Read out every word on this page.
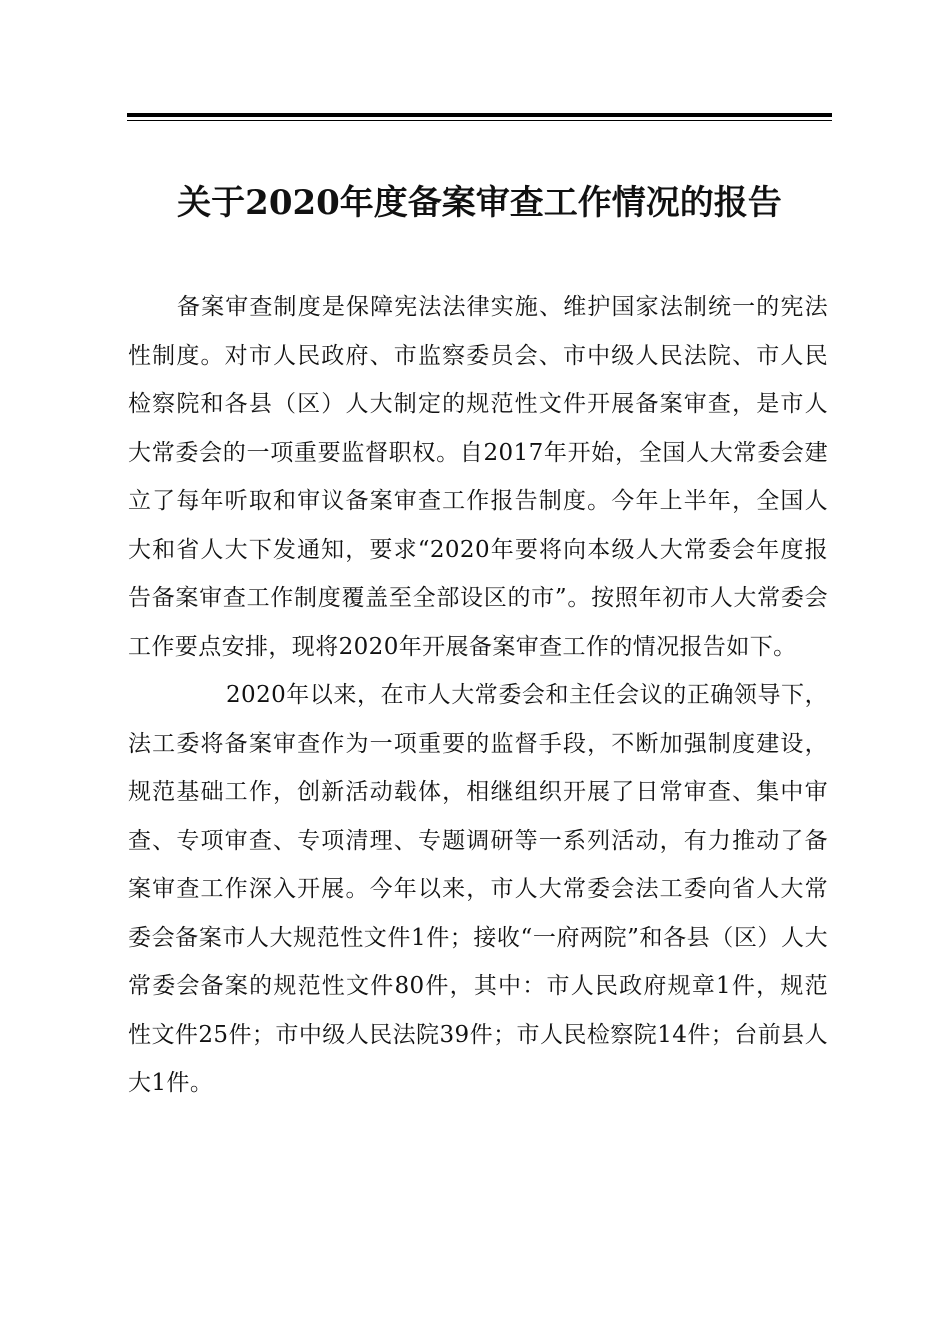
关于2020年度备案审查工作情况的报告

备案审查制度是保障宪法法律实施、维护国家法制统一的宪法性制度。对市人民政府、市监察委员会、市中级人民法院、市人民检察院和各县（区）人大制定的规范性文件开展备案审查，是市人大常委会的一项重要监督职权。自2017年开始，全国人大常委会建立了每年听取和审议备案审查工作报告制度。今年上半年，全国人大和省人大下发通知，要求“2020年要将向本级人大常委会年度报告备案审查工作制度覆盖至全部设区的市”。按照年初市人大常委会工作要点安排，现将2020年开展备案审查工作的情况报告如下。

2020年以来，在市人大常委会和主任会议的正确领导下，法工委将备案审查作为一项重要的监督手段，不断加强制度建设，规范基础工作，创新活动载体，相继组织开展了日常审查、集中审查、专项审查、专项清理、专题调研等一系列活动，有力推动了备案审查工作深入开展。今年以来，市人大常委会法工委向省人大常委会备案市人大规范性文件1件；接收“一府两院”和各县（区）人大常委会备案的规范性文件80件，其中：市人民政府规章1件，规范性文件25件；市中级人民法院39件；市人民检察院14件；台前县人大1件。
